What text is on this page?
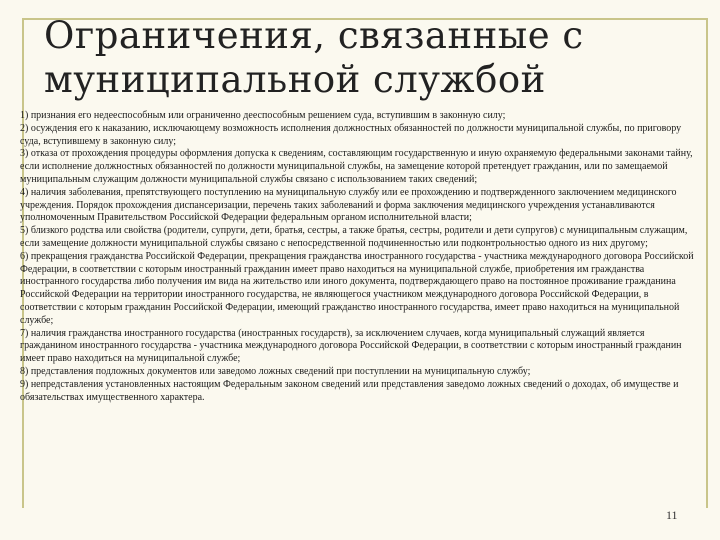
Ограничения, связанные с муниципальной службой

1) признания его недееспособным или ограниченно дееспособным решением суда, вступившим в законную силу;

2) осуждения его к наказанию, исключающему возможность исполнения должностных обязанностей по должности муниципальной службы, по приговору суда, вступившему в законную силу;

3) отказа от прохождения процедуры оформления допуска к сведениям, составляющим государственную и иную охраняемую федеральными законами тайну, если исполнение должностных обязанностей по должности муниципальной службы, на замещение которой претендует гражданин, или по замещаемой муниципальным служащим должности муниципальной службы связано с использованием таких сведений;

4) наличия заболевания, препятствующего поступлению на муниципальную службу или ее прохождению и подтвержденного заключением медицинского учреждения. Порядок прохождения диспансеризации, перечень таких заболеваний и форма заключения медицинского учреждения устанавливаются уполномоченным Правительством Российской Федерации федеральным органом исполнительной власти;

5) близкого родства или свойства (родители, супруги, дети, братья, сестры, а также братья, сестры, родители и дети супругов) с муниципальным служащим, если замещение должности муниципальной службы связано с непосредственной подчиненностью или подконтрольностью одного из них другому;

6) прекращения гражданства Российской Федерации, прекращения гражданства иностранного государства - участника международного договора Российской Федерации, в соответствии с которым иностранный гражданин имеет право находиться на муниципальной службе, приобретения им гражданства иностранного государства либо получения им вида на жительство или иного документа, подтверждающего право на постоянное проживание гражданина Российской Федерации на территории иностранного государства, не являющегося участником международного договора Российской Федерации, в соответствии с которым гражданин Российской Федерации, имеющий гражданство иностранного государства, имеет право находиться на муниципальной службе;

7) наличия гражданства иностранного государства (иностранных государств), за исключением случаев, когда муниципальный служащий является гражданином иностранного государства - участника международного договора Российской Федерации, в соответствии с которым иностранный гражданин имеет право находиться на муниципальной службе;

8) представления подложных документов или заведомо ложных сведений при поступлении на муниципальную службу;

9) непредставления установленных настоящим Федеральным законом сведений или представления заведомо ложных сведений о доходах, об имуществе и обязательствах имущественного характера.

11
